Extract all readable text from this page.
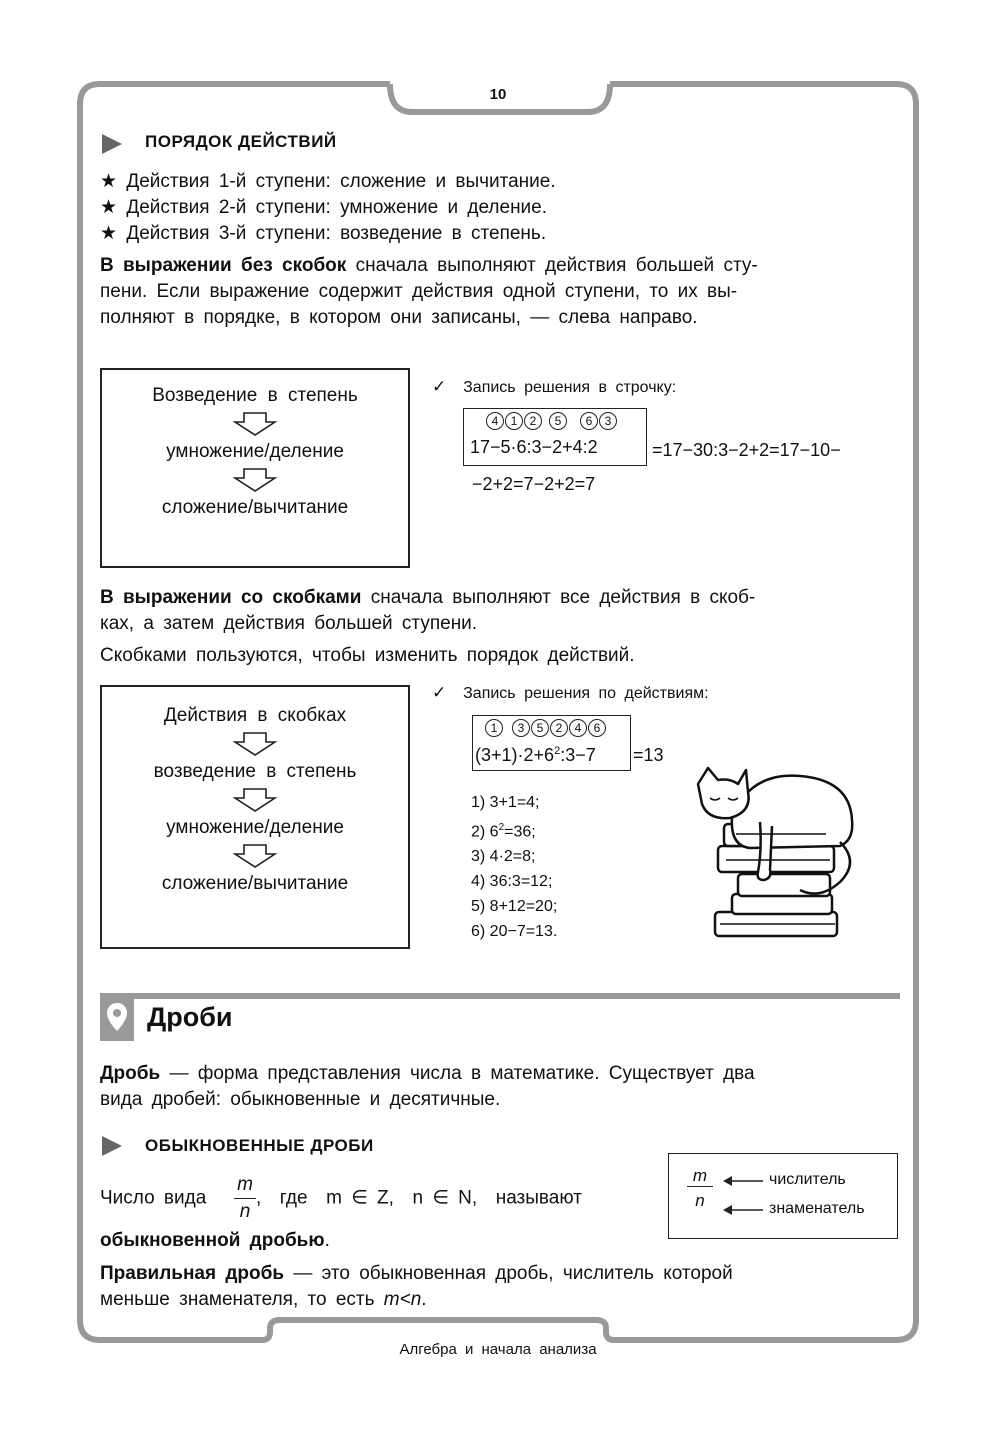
10
ПОРЯДОК ДЕЙСТВИЙ
★ Действия 1-й ступени: сложение и вычитание.
★ Действия 2-й ступени: умножение и деление.
★ Действия 3-й ступени: возведение в степень.
В выражении без скобок сначала выполняют действия большей сту-
пени. Если выражение содержит действия одной ступени, то их вы-
полняют в порядке, в котором они записаны, — слева направо.
Возведение в степень
умножение/деление
сложение/вычитание
✓ Запись решения в строчку:
4 1 2 5 6 3
17−5·6:3−2+4:2	=17−30:3−2+2=17−10−
−2+2=7−2+2=7
В выражении со скобками сначала выполняют все действия в скоб-
ках, а затем действия большей ступени.
Скобками пользуются, чтобы изменить порядок действий.
Действия в скобках
возведение в степень
умножение/деление
сложение/вычитание
✓ Запись решения по действиям:
1 3 5 2 4 6
$(3+1)\cdot 2+6^2:3-7 =13$
1) 3+1=4;
2) $6^2=36$;
3) 4·2=8;
4) 36:3=12;
5) 8+12=20;
6) 20−7=13.
Дроби
Дробь — форма представления числа в математике. Существует два
вида дробей: обыкновенные и десятичные.
ОБЫКНОВЕННЫЕ ДРОБИ
Число вида $\frac{m}{n}$ ,  где  m ∈ Z,  n ∈ N,  называют
обыкновенной дробью.
m
n
числитель
знаменатель
Правильная дробь — это обыкновенная дробь, числитель которой
меньше знаменателя, то есть m<n.
Алгебра и начала анализа
